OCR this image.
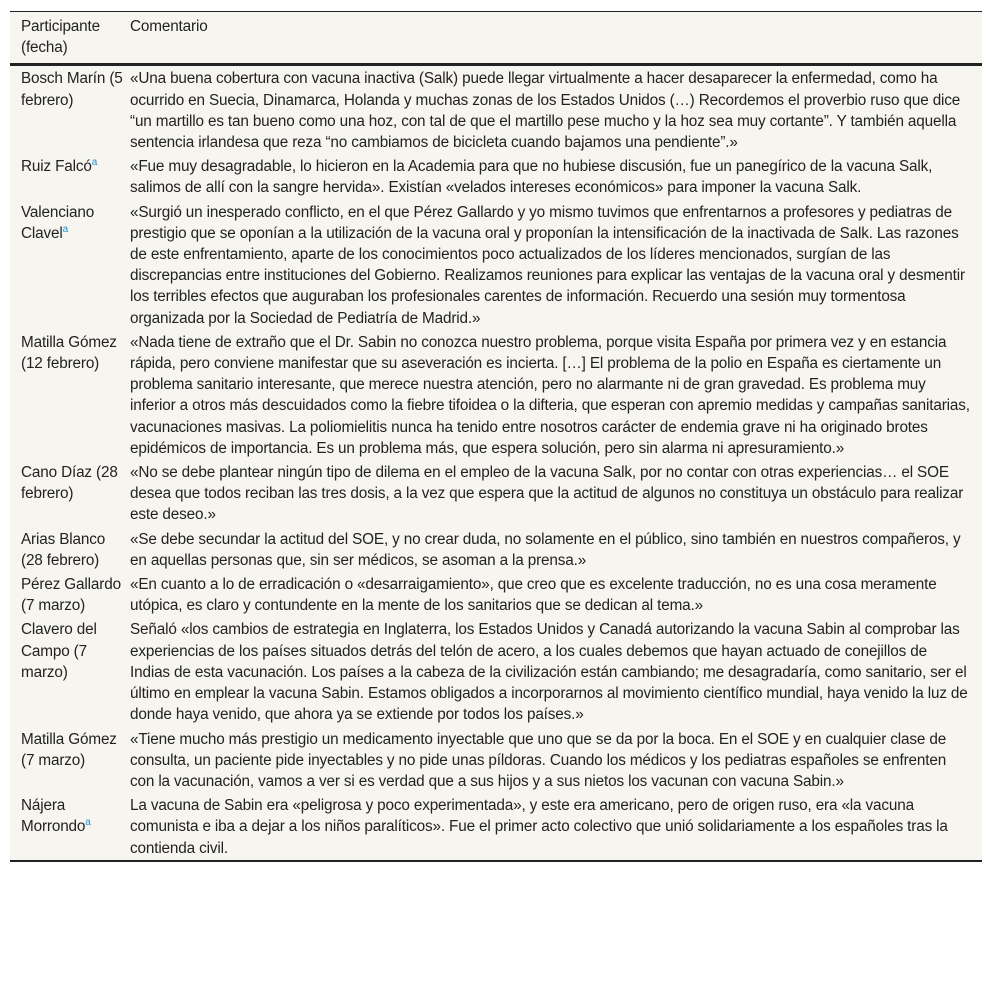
Participante (fecha)	Comentario
Bosch Marín (5 febrero)	«Una buena cobertura con vacuna inactiva (Salk) puede llegar virtualmente a hacer desaparecer la enfermedad, como ha ocurrido en Suecia, Dinamarca, Holanda y muchas zonas de los Estados Unidos (…) Recordemos el proverbio ruso que dice “un martillo es tan bueno como una hoz, con tal de que el martillo pese mucho y la hoz sea muy cortante”. Y también aquella sentencia irlandesa que reza “no cambiamos de bicicleta cuando bajamos una pendiente”.»
Ruiz Falcó$^a$	«Fue muy desagradable, lo hicieron en la Academia para que no hubiese discusión, fue un panegírico de la vacuna Salk, salimos de allí con la sangre hervida». Existían «velados intereses económicos» para imponer la vacuna Salk.
Valenciano Clavel$^a$	«Surgió un inesperado conflicto, en el que Pérez Gallardo y yo mismo tuvimos que enfrentarnos a profesores y pediatras de prestigio que se oponían a la utilización de la vacuna oral y proponían la intensificación de la inactivada de Salk. Las razones de este enfrentamiento, aparte de los conocimientos poco actualizados de los líderes mencionados, surgían de las discrepancias entre instituciones del Gobierno. Realizamos reuniones para explicar las ventajas de la vacuna oral y desmentir los terribles efectos que auguraban los profesionales carentes de información. Recuerdo una sesión muy tormentosa organizada por la Sociedad de Pediatría de Madrid.»
Matilla Gómez (12 febrero)	«Nada tiene de extraño que el Dr. Sabin no conozca nuestro problema, porque visita España por primera vez y en estancia rápida, pero conviene manifestar que su aseveración es incierta. […] El problema de la polio en España es ciertamente un problema sanitario interesante, que merece nuestra atención, pero no alarmante ni de gran gravedad. Es problema muy inferior a otros más descuidados como la fiebre tifoidea o la difteria, que esperan con apremio medidas y campañas sanitarias, vacunaciones masivas. La poliomielitis nunca ha tenido entre nosotros carácter de endemia grave ni ha originado brotes epidémicos de importancia. Es un problema más, que espera solución, pero sin alarma ni apresuramiento.»
Cano Díaz (28 febrero)	«No se debe plantear ningún tipo de dilema en el empleo de la vacuna Salk, por no contar con otras experiencias… el SOE desea que todos reciban las tres dosis, a la vez que espera que la actitud de algunos no constituya un obstáculo para realizar este deseo.»
Arias Blanco (28 febrero)	«Se debe secundar la actitud del SOE, y no crear duda, no solamente en el público, sino también en nuestros compañeros, y en aquellas personas que, sin ser médicos, se asoman a la prensa.»
Pérez Gallardo (7 marzo)	«En cuanto a lo de erradicación o «desarraigamiento», que creo que es excelente traducción, no es una cosa meramente utópica, es claro y contundente en la mente de los sanitarios que se dedican al tema.»
Clavero del Campo (7 marzo)	Señaló «los cambios de estrategia en Inglaterra, los Estados Unidos y Canadá autorizando la vacuna Sabin al comprobar las experiencias de los países situados detrás del telón de acero, a los cuales debemos que hayan actuado de conejillos de Indias de esta vacunación. Los países a la cabeza de la civilización están cambiando; me desagradaría, como sanitario, ser el último en emplear la vacuna Sabin. Estamos obligados a incorporarnos al movimiento científico mundial, haya venido la luz de donde haya venido, que ahora ya se extiende por todos los países.»
Matilla Gómez (7 marzo)	«Tiene mucho más prestigio un medicamento inyectable que uno que se da por la boca. En el SOE y en cualquier clase de consulta, un paciente pide inyectables y no pide unas píldoras. Cuando los médicos y los pediatras españoles se enfrenten con la vacunación, vamos a ver si es verdad que a sus hijos y a sus nietos los vacunan con vacuna Sabin.»
Nájera Morrondo$^a$	La vacuna de Sabin era «peligrosa y poco experimentada», y este era americano, pero de origen ruso, era «la vacuna comunista e iba a dejar a los niños paralíticos». Fue el primer acto colectivo que unió solidariamente a los españoles tras la contienda civil.
